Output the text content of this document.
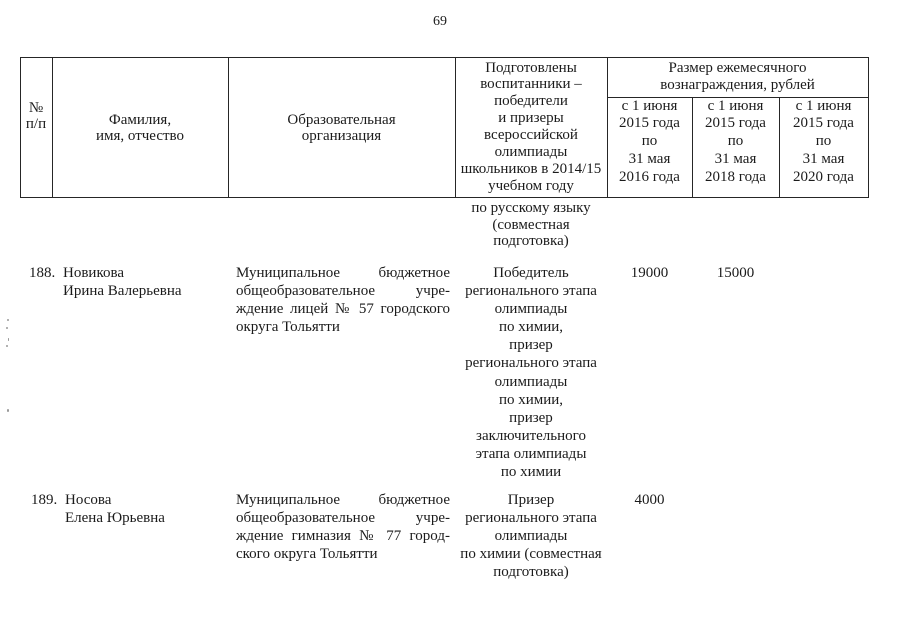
69
№
п/п	Фамилия,
имя, отчество
Образовательная
организация
Подготовлены
воспитанники –
победители
и призеры
всероссийской
олимпиады
школьников в 2014/15
учебном году
Размер ежемесячного
вознаграждения, рублей
с 1 июня
2015 года
по
31 мая
2016 года
с 1 июня
2015 года
по
31 мая
2018 года
с 1 июня
2015 года
по
31 мая
2020 года
по русскому языку
(совместная
подготовка)
188. Новикова
Ирина Валерьевна
Муниципальное бюджетное
общеобразовательное учре-
ждение лицей № 57 городского
округа Тольятти
Победитель
регионального этапа
олимпиады
по химии,
призер
регионального этапа
олимпиады
по химии,
призер
заключительного
этапа олимпиады
по химии
19000	15000
189. Носова
Елена Юрьевна
Муниципальное бюджетное
общеобразовательное учре-
ждение гимназия № 77 город-
ского округа Тольятти
Призер
регионального этапа
олимпиады
по химии (совместная
подготовка)
4000
